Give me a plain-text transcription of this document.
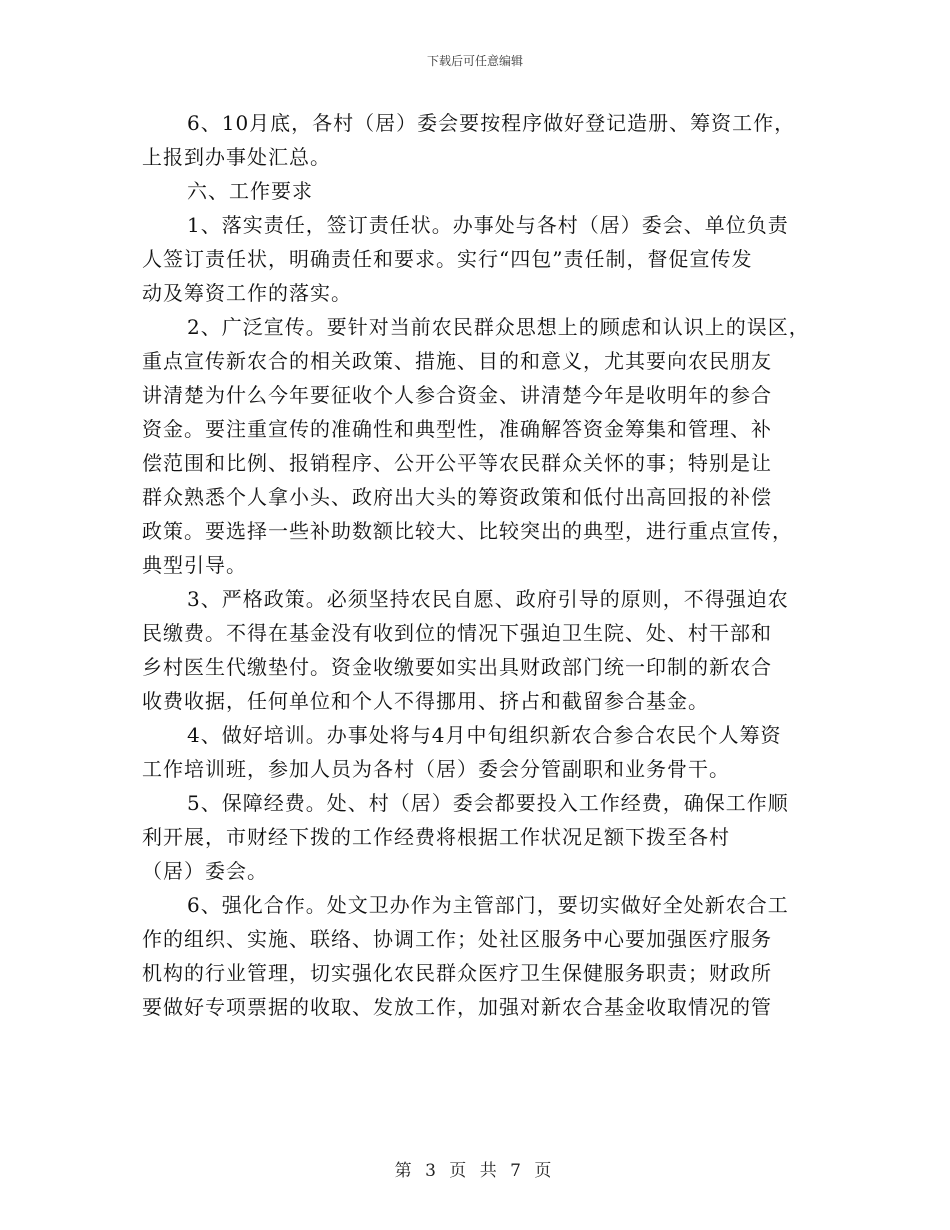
下载后可任意编辑
6、10月底，各村（居）委会要按程序做好登记造册、筹资工作，
上报到办事处汇总。
六、工作要求
1、落实责任，签订责任状。办事处与各村（居）委会、单位负责
人签订责任状，明确责任和要求。实行“四包”责任制，督促宣传发
动及筹资工作的落实。
2、广泛宣传。要针对当前农民群众思想上的顾虑和认识上的误区，
重点宣传新农合的相关政策、措施、目的和意义，尤其要向农民朋友
讲清楚为什么今年要征收个人参合资金、讲清楚今年是收明年的参合
资金。要注重宣传的准确性和典型性，准确解答资金筹集和管理、补
偿范围和比例、报销程序、公开公平等农民群众关怀的事；特别是让
群众熟悉个人拿小头、政府出大头的筹资政策和低付出高回报的补偿
政策。要选择一些补助数额比较大、比较突出的典型，进行重点宣传，
典型引导。
3、严格政策。必须坚持农民自愿、政府引导的原则，不得强迫农
民缴费。不得在基金没有收到位的情况下强迫卫生院、处、村干部和
乡村医生代缴垫付。资金收缴要如实出具财政部门统一印制的新农合
收费收据，任何单位和个人不得挪用、挤占和截留参合基金。
4、做好培训。办事处将与4月中旬组织新农合参合农民个人筹资
工作培训班，参加人员为各村（居）委会分管副职和业务骨干。
5、保障经费。处、村（居）委会都要投入工作经费，确保工作顺
利开展，市财经下拨的工作经费将根据工作状况足额下拨至各村
（居）委会。
6、强化合作。处文卫办作为主管部门，要切实做好全处新农合工
作的组织、实施、联络、协调工作；处社区服务中心要加强医疗服务
机构的行业管理，切实强化农民群众医疗卫生保健服务职责；财政所
要做好专项票据的收取、发放工作，加强对新农合基金收取情况的管
第 3 页 共 7 页
